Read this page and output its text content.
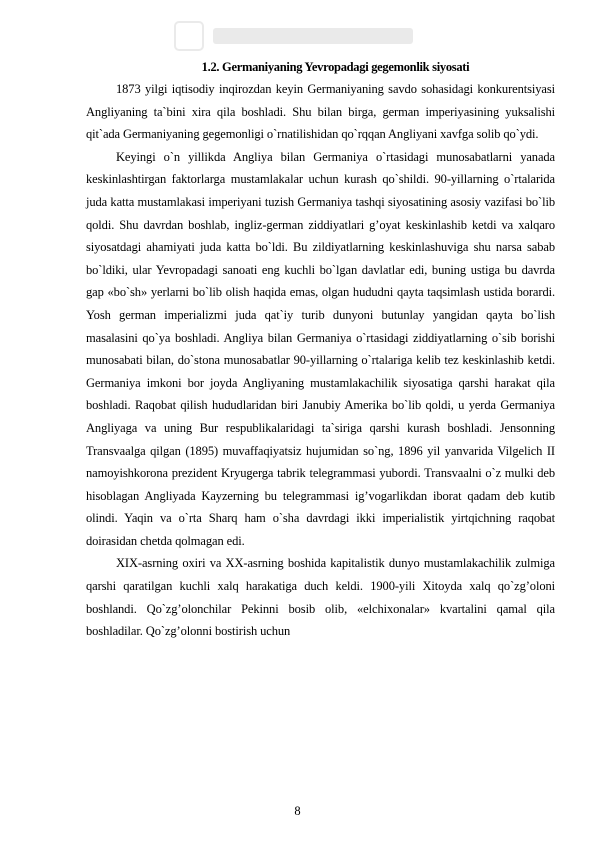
1.2. Germaniyaning Yevropadagi gegemonlik siyosati

1873 yilgi iqtisodiy inqirozdan keyin Germaniyaning savdo sohasidagi konkurentsiyasi Angliyaning ta`bini xira qila boshladi. Shu bilan birga, german imperiyasining yuksalishi qit`ada Germaniyaning gegemonligi o`rnatilishidan qo`rqqan Angliyani xavfga solib qo`ydi.

Keyingi o`n yillikda Angliya bilan Germaniya o`rtasidagi munosabatlarni yanada keskinlashtirgan faktorlarga mustamlakalar uchun kurash qo`shildi. 90-yillarning o`rtalarida juda katta mustamlakasi imperiyani tuzish Germaniya tashqi siyosatining asosiy vazifasi bo`lib qoldi. Shu davrdan boshlab, ingliz-german ziddiyatlari g’oyat keskinlashib ketdi va xalqaro siyosatdagi ahamiyati juda katta bo`ldi. Bu zildiyatlarning keskinlashuviga shu narsa sabab bo`ldiki, ular Yevropadagi sanoati eng kuchli bo`lgan davlatlar edi, buning ustiga bu davrda gap «bo`sh» yerlarni bo`lib olish haqida emas, olgan hududni qayta taqsimlash ustida borardi. Yosh german imperializmi juda qat`iy turib dunyoni butunlay yangidan qayta bo`lish masalasini qo`ya boshladi. Angliya bilan Germaniya o`rtasidagi ziddiyatlarning o`sib borishi munosabati bilan, do`stona munosabatlar 90-yillarning o`rtalariga kelib tez keskinlashib ketdi. Germaniya imkoni bor joyda Angliyaning mustamlakachilik siyosatiga qarshi harakat qila boshladi. Raqobat qilish hududlaridan biri Janubiy Amerika bo`lib qoldi, u yerda Germaniya Angliyaga va uning Bur respublikalaridagi ta`siriga qarshi kurash boshladi. Jensonning Transvaalga qilgan (1895) muvaffaqiyatsiz hujumidan so`ng, 1896 yil yanvarida Vilgelich II namoyishkorona prezident Kryugerga tabrik telegrammasi yubordi. Transvaalni o`z mulki deb hisoblagan Angliyada Kayzerning bu telegrammasi ig’vogarlikdan iborat qadam deb kutib olindi. Yaqin va o`rta Sharq ham o`sha davrdagi ikki imperialistik yirtqichning raqobat doirasidan chetda qolmagan edi.

XIX-asrning oxiri va XX-asrning boshida kapitalistik dunyo mustamlakachilik zulmiga qarshi qaratilgan kuchli xalq harakatiga duch keldi. 1900-yili Xitoyda xalq qo`zg’oloni boshlandi. Qo`zg’olonchilar Pekinni bosib olib, «elchixonalar» kvartalini qamal qila boshladilar. Qo`zg’olonni bostirish uchun

8
